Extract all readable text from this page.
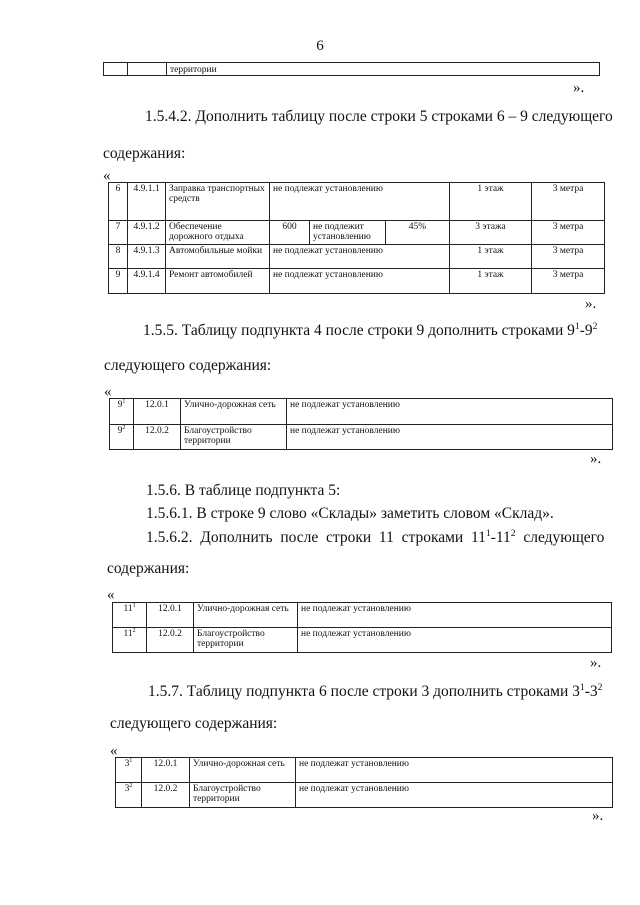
6
		территории
».
1.5.4.2. Дополнить таблицу после строки 5 строками 6 – 9 следующего
содержания:
«
6	4.9.1.1	Заправка транспортных средств	не подлежат установлению			1 этаж	3 метра
7	4.9.1.2	Обеспечение дорожного отдыха	600	не подлежит установлению	45%	3 этажа	3 метра
8	4.9.1.3	Автомобильные мойки	не подлежат установлению			1 этаж	3 метра
9	4.9.1.4	Ремонт автомобилей	не подлежат установлению			1 этаж	3 метра
».
1.5.5. Таблицу подпункта 4 после строки 9 дополнить строками $9^1-9^2$
следующего содержания:
«
$9^1$	12.0.1	Улично-дорожная сеть	не подлежат установлению
$9^2$	12.0.2	Благоустройство территории	не подлежат установлению
».
1.5.6. В таблице подпункта 5:
1.5.6.1. В строке 9 слово «Склады» заметить словом «Склад».
1.5.6.2.  Дополнить  после  строки  11  строками  $11^1-11^2$  следующего
содержания:
«
$11^1$	12.0.1	Улично-дорожная сеть	не подлежат установлению
$11^2$	12.0.2	Благоустройство территории	не подлежат установлению
».
1.5.7. Таблицу подпункта 6 после строки 3 дополнить строками $3^1-3^2$
следующего содержания:
«
$3^1$	12.0.1	Улично-дорожная сеть	не подлежат установлению
$3^2$	12.0.2	Благоустройство территории	не подлежат установлению
».
